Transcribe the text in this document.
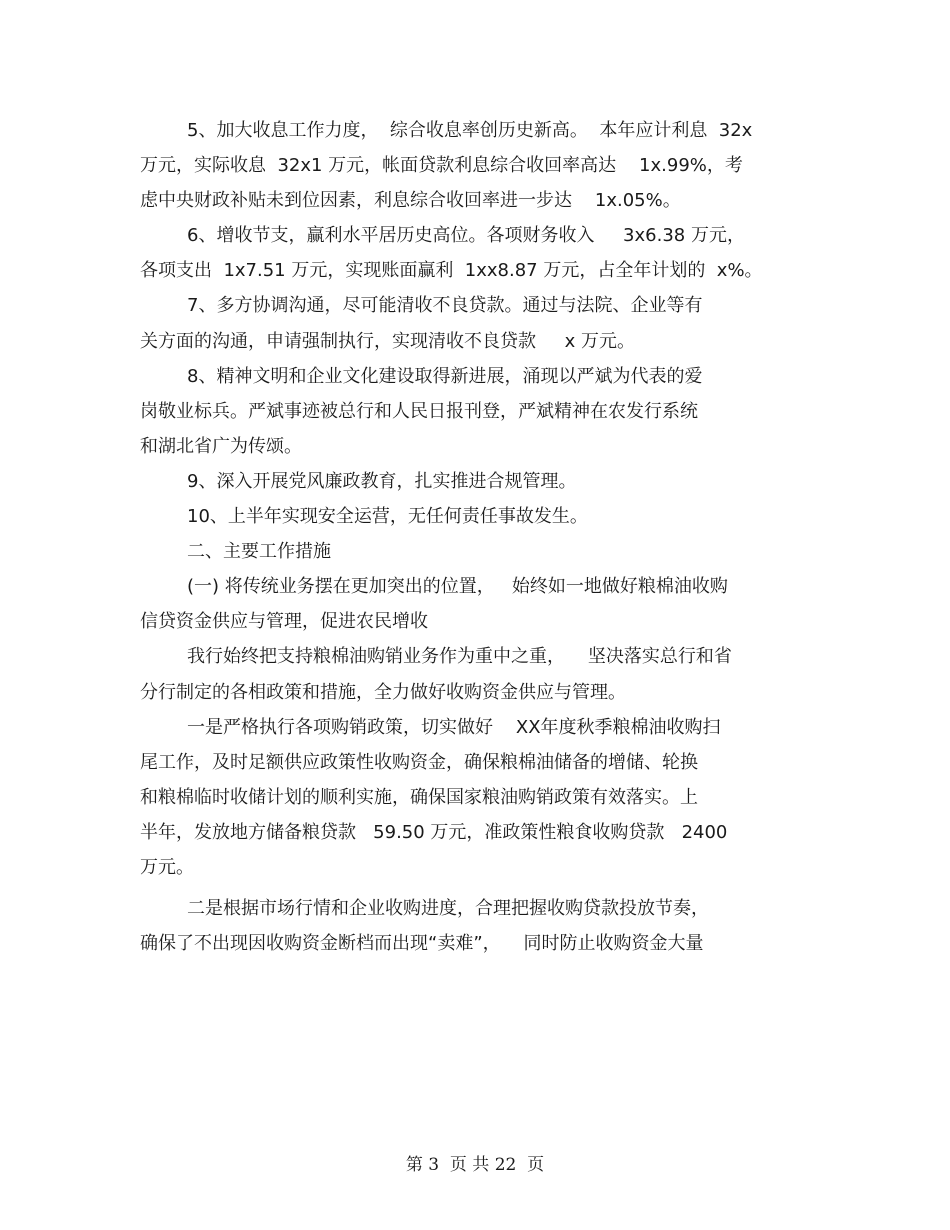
5、加大收息工作力度，  综合收息率创历史新高。  本年应计利息  32x
万元，实际收息  32x1 万元，帐面贷款利息综合收回率高达    1x.99%，考
虑中央财政补贴未到位因素，利息综合收回率进一步达    1x.05%。
6、增收节支，赢利水平居历史高位。各项财务收入     3x6.38 万元，
各项支出  1x7.51 万元，实现账面赢利  1xx8.87 万元，占全年计划的  x%。
7、多方协调沟通，尽可能清收不良贷款。通过与法院、企业等有
关方面的沟通，申请强制执行，实现清收不良贷款     x 万元。
8、精神文明和企业文化建设取得新进展，涌现以严斌为代表的爱
岗敬业标兵。严斌事迹被总行和人民日报刊登，严斌精神在农发行系统
和湖北省广为传颂。
9、深入开展党风廉政教育，扎实推进合规管理。
10、上半年实现安全运营，无任何责任事故发生。
二、主要工作措施
(一) 将传统业务摆在更加突出的位置，   始终如一地做好粮棉油收购
信贷资金供应与管理，促进农民增收
我行始终把支持粮棉油购销业务作为重中之重，    坚决落实总行和省
分行制定的各相政策和措施，全力做好收购资金供应与管理。
一是严格执行各项购销政策，切实做好    XX年度秋季粮棉油收购扫
尾工作，及时足额供应政策性收购资金，确保粮棉油储备的增储、轮换
和粮棉临时收储计划的顺利实施，确保国家粮油购销政策有效落实。上
半年，发放地方储备粮贷款   59.50 万元，准政策性粮食收购贷款   2400
万元。
二是根据市场行情和企业收购进度，合理把握收购贷款投放节奏，
确保了不出现因收购资金断档而出现“卖难”，    同时防止收购资金大量
第 3  页 共 22  页
